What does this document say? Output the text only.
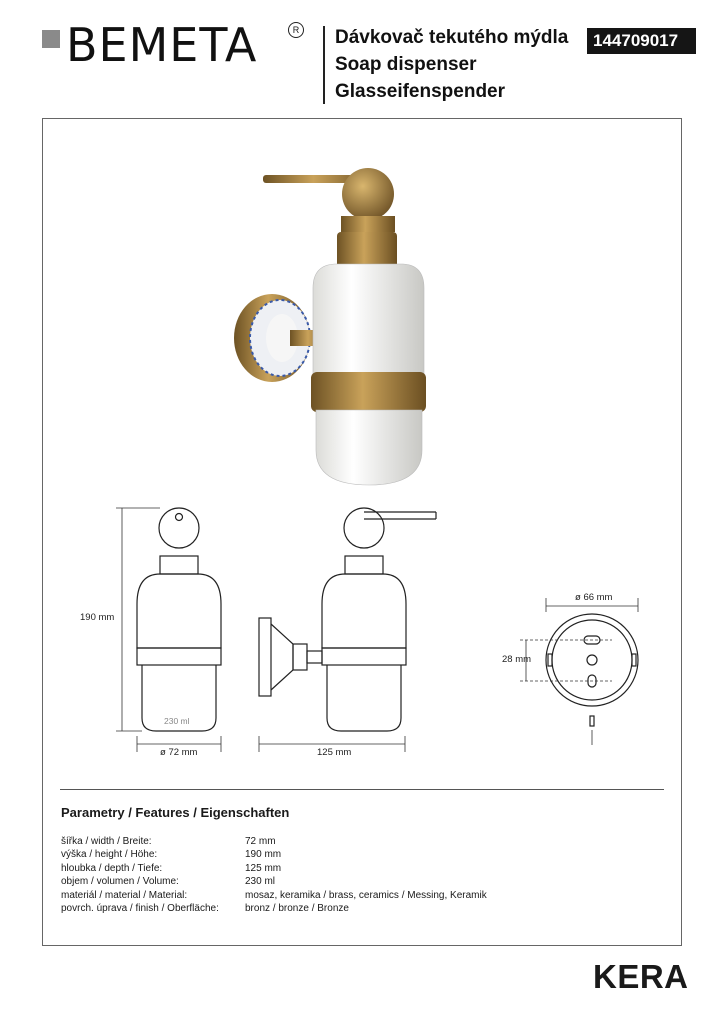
BEMETA	R Dávkovač tekutého mýdla
Soap dispenser
Glasseifenspender
144709017
190 mm
230 ml
ø 72 mm	125 mm
ø 66 mm
28 mm
Parametry / Features / Eigenschaften
šířka / width / Breite:	72 mm
výška / height / Höhe:	190 mm
hloubka / depth / Tiefe:	125 mm
objem / volumen / Volume:	230 ml
materiál / material / Material:	mosaz, keramika / brass, ceramics / Messing, Keramik
povrch. úprava / finish / Oberfläche:	bronz / bronze / Bronze
KERA
